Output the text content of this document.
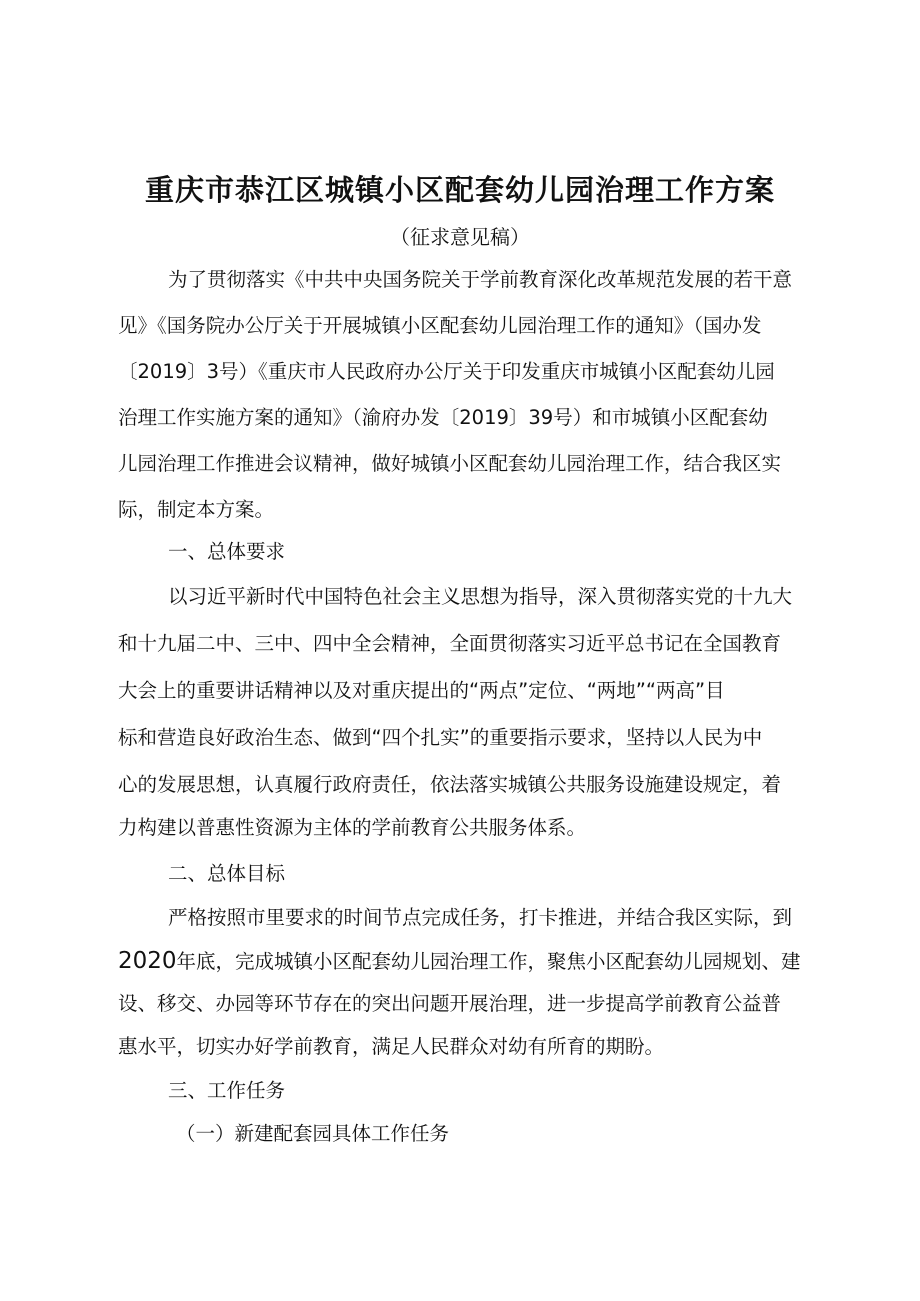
重庆市恭江区城镇小区配套幼儿园治理工作方案
（征求意见稿）
为了贯彻落实《中共中央国务院关于学前教育深化改革规范发展的若干意
见》《国务院办公厅关于开展城镇小区配套幼儿园治理工作的通知》（国办发
〔2019〕3号）《重庆市人民政府办公厅关于印发重庆市城镇小区配套幼儿园
治理工作实施方案的通知》（渝府办发〔2019〕39号）和市城镇小区配套幼
儿园治理工作推进会议精神，做好城镇小区配套幼儿园治理工作，结合我区实
际，制定本方案。
一、总体要求
以习近平新时代中国特色社会主义思想为指导，深入贯彻落实党的十九大
和十九届二中、三中、四中全会精神，全面贯彻落实习近平总书记在全国教育
大会上的重要讲话精神以及对重庆提出的“两点”定位、“两地”“两高”目
标和营造良好政治生态、做到“四个扎实”的重要指示要求，坚持以人民为中
心的发展思想，认真履行政府责任，依法落实城镇公共服务设施建设规定，着
力构建以普惠性资源为主体的学前教育公共服务体系。
二、总体目标
严格按照市里要求的时间节点完成任务，打卡推进，并结合我区实际，到
2020年底，完成城镇小区配套幼儿园治理工作，聚焦小区配套幼儿园规划、建
设、移交、办园等环节存在的突出问题开展治理，进一步提高学前教育公益普
惠水平，切实办好学前教育，满足人民群众对幼有所育的期盼。
三、工作任务
（一）新建配套园具体工作任务
